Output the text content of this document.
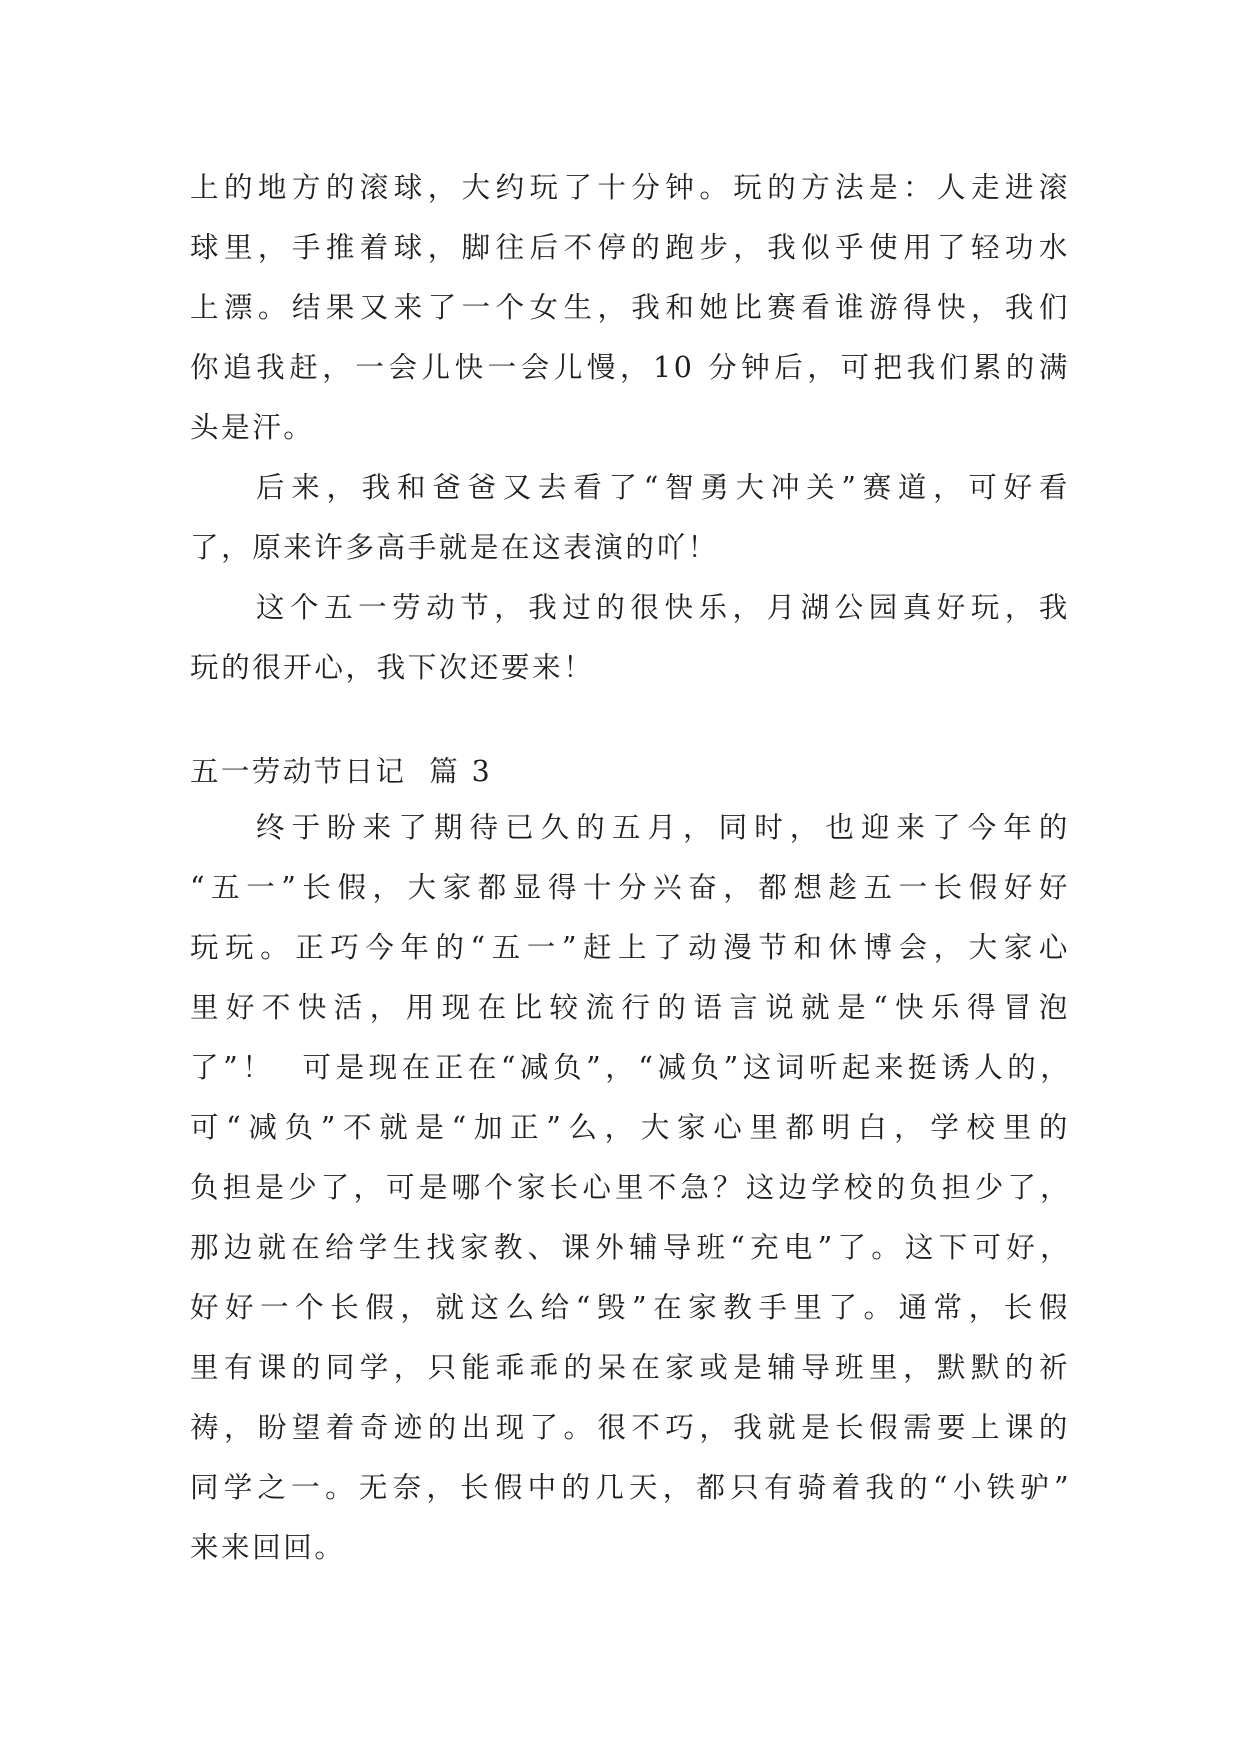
上的地方的滚球，大约玩了十分钟。玩的方法是：人走进滚
球里，手推着球，脚往后不停的跑步，我似乎使用了轻功水
上漂。结果又来了一个女生，我和她比赛看谁游得快，我们
你追我赶，一会儿快一会儿慢，10 分钟后，可把我们累的满
头是汗。
后来，我和爸爸又去看了“智勇大冲关”赛道，可好看
了，原来许多高手就是在这表演的吖！
这个五一劳动节，我过的很快乐，月湖公园真好玩，我
玩的很开心，我下次还要来！
五一劳动节日记  篇 3
终于盼来了期待已久的五月，同时，也迎来了今年的
“五一”长假，大家都显得十分兴奋，都想趁五一长假好好
玩玩。正巧今年的“五一”赶上了动漫节和休博会，大家心
里好不快活，用现在比较流行的语言说就是“快乐得冒泡
了”！  可是现在正在“减负”，“减负”这词听起来挺诱人的，
可“减负”不就是“加正”么，大家心里都明白，学校里的
负担是少了，可是哪个家长心里不急？这边学校的负担少了，
那边就在给学生找家教、课外辅导班“充电”了。这下可好，
好好一个长假，就这么给“毁”在家教手里了。通常，长假
里有课的同学，只能乖乖的呆在家或是辅导班里，默默的祈
祷，盼望着奇迹的出现了。很不巧，我就是长假需要上课的
同学之一。无奈，长假中的几天，都只有骑着我的“小铁驴”
来来回回。
